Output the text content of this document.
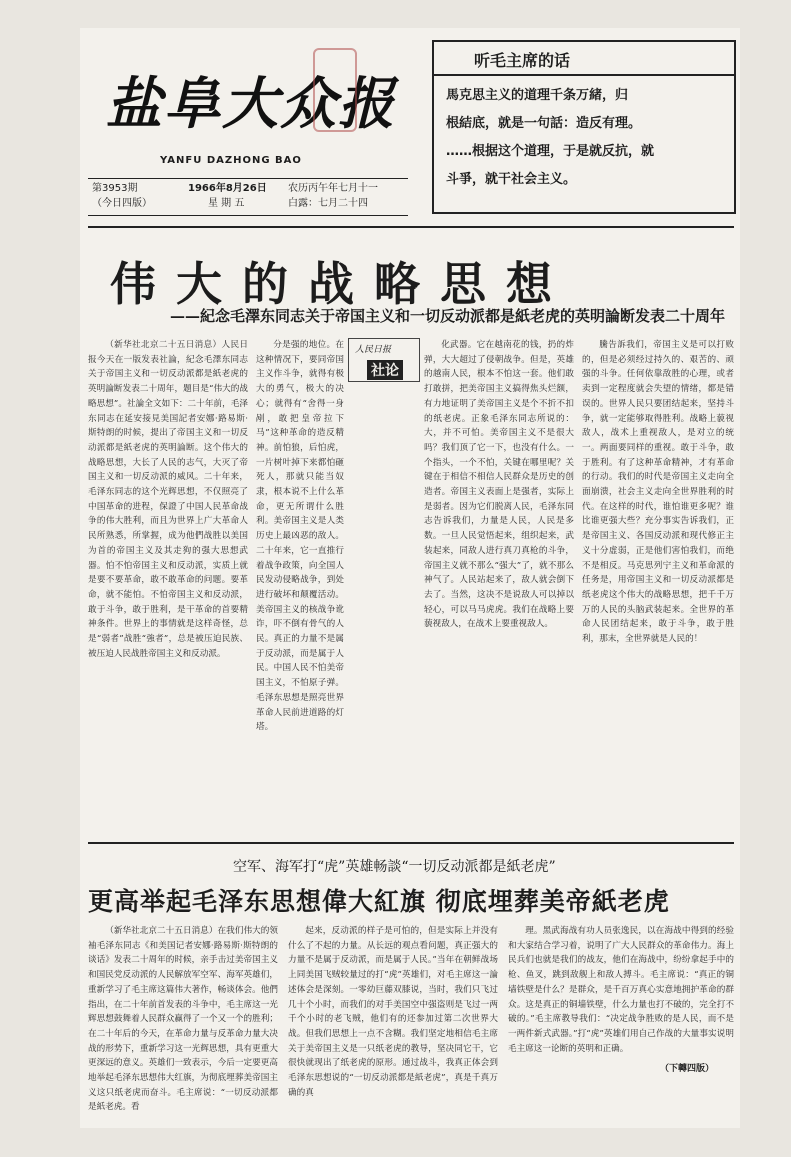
盐阜大众报
YANFU DAZHONG BAO
第3953期
（今日四版）
1966年8月26日
星 期 五
农历丙午年七月十一
白露：七月二十四
听毛主席的话
馬克思主义的道理千条万緒，归
根結底，就是一句話：造反有理。
……根据这个道理，于是就反抗，就
斗爭，就干社会主义。
伟大的战略思想
——紀念毛澤东同志关于帝国主义和一切反动派都是紙老虎的英明論断发表二十周年

（新华社北京二十五日消息）人民日报今天在一版发表社論，紀念毛澤东同志关于帝国主义和一切反动派都是紙老虎的英明論断发表二十周年，題目是“伟大的战略思想”。社論全文如下：二十年前，毛泽东同志在延安接見美国記者安娜·路易斯·斯特朗的时候，提出了帝国主义和一切反动派都是紙老虎的英明論断。这个伟大的战略思想，大长了人民的志气，大灭了帝国主义和一切反动派的威风。二十年来，毛泽东同志的这个光辉思想，不仅照亮了中国革命的进程，保證了中国人民革命战争的伟大胜利，而且为世界上广大革命人民所熟悉，所掌握，成为他們战胜以美国为首的帝国主义及其走狗的强大思想武器。怕不怕帝国主义和反动派，实质上就是要不要革命，敢不敢革命的问题。要革命，就不能怕。不怕帝国主义和反动派，敢于斗争，敢于胜利，是干革命的首要精神条件。世界上的事情就是这样奇怪，总是“弱者”战胜“強者”，总是被压迫民族、被压迫人民战胜帝国主义和反动派。

分是强的地位。在这种情况下，要同帝国主义作斗争，就得有极大的勇气，极大的决心；就得有“舍得一身剐，敢把皇帝拉下马”这种革命的造反精神。前怕狼，后怕虎，一片树叶掉下来都怕砸死人，那就只能当奴隶，根本说不上什么革命，更无所谓什么胜利。美帝国主义是人类历史上最凶恶的敌人。二十年来，它一直推行着战争政策，向全国人民发动侵略战争，到处进行破坏和颠覆活动。美帝国主义的核战争讹诈，吓不倒有骨气的人民。真正的力量不是属于反动派，而是属于人民。中国人民不怕美帝国主义，不怕原子弹。毛泽东思想是照亮世界革命人民前进道路的灯塔。

人民日报
社论

化武器。它在越南花的钱，扔的炸弹，大大超过了侵朝战争。但是，英雄的越南人民，根本不怕这一套。他们敢打敢拼，把美帝国主义搞得焦头烂额，有力地证明了美帝国主义是个不折不扣的纸老虎。正象毛泽东同志所说的：大，并不可怕。美帝国主义不是很大吗？我们顶了它一下，也没有什么。一个指头，一个不怕，关键在哪里呢？关键在于相信不相信人民群众是历史的创造者。帝国主义表面上是强者，实际上是弱者。因为它们脱离人民，毛泽东同志告诉我们，力量是人民，人民是多数。一旦人民觉悟起来，组织起来，武装起来，同敌人进行真刀真枪的斗争，帝国主义就不那么“强大”了，就不那么神气了。人民站起来了，敌人就会倒下去了。当然，这决不是说敌人可以掉以轻心，可以马马虎虎。我们在战略上要藐视敌人，在战术上要重视敌人。

騰告訴我们，帝国主义是可以打败的，但是必须经过持久的、艰苦的、顽强的斗争。任何依靠敌胜的心理，或者卖到一定程度就会失望的情绪，都是错误的。世界人民只要团结起来，坚持斗争，就一定能够取得胜利。战略上藐视敌人，战术上重视敌人，是对立的统一。两面要同样的重视。敢于斗争，敢于胜利。有了这种革命精神，才有革命的行动。我们的时代是帝国主义走向全面崩溃，社会主义走向全世界胜利的时代。在这样的时代，谁怕谁更多呢？谁比谁更强大些？充分事实告诉我们，正是帝国主义、各国反动派和现代修正主义十分虚弱，正是他们害怕我们，而绝不是相反。马克思列宁主义和革命派的任务是，用帝国主义和一切反动派都是纸老虎这个伟大的战略思想，把千千万万的人民的头脑武装起来。全世界的革命人民团结起来，敢于斗争，敢于胜利，那末，全世界就是人民的！

空军、海军打“虎”英雄畅談“一切反动派都是紙老虎”
更高举起毛泽东思想偉大紅旗 彻底埋葬美帝紙老虎

（新华社北京二十五日消息）在我们伟大的领袖毛泽东同志《和美国记者安娜·路易斯·斯特朗的谈话》发表二十周年的时候，亲手击过美帝国主义和国民党反动派的人民解放军空军、海军英雄们，重新学习了毛主席这篇伟大著作，畅谈体会。他們指出，在二十年前首发表的斗争中，毛主席这一光辉思想鼓舞着人民群众赢得了一个又一个的胜利；在二十年后的今天，在革命力量与反革命力量大决战的形势下，重新学习这一光辉思想，具有更重大更深远的意义。英雄们一致表示，今后一定要更高地举起毛泽东思想伟大红旗，为彻底埋葬美帝国主义这只纸老虎而奋斗。毛主席说：“一切反动派都是紙老虎。看

起来，反动派的样子是可怕的，但是实际上并没有什么了不起的力量。从长远的观点看问题，真正强大的力量不是属于反动派，而是属于人民。”当年在朝鲜战场上同美国飞贼较量过的打“虎”英雄们，对毛主席这一論述体会是深刻。一零幼巨藤双膝说，当时，我们只飞过几十个小时，而我们的对手美国空中强盗则是飞过一两千个小时的老飞贼，他们有的还参加过第二次世界大战。但我们思想上一点不含糊。我们坚定地相信毛主席关于美帝国主义是一只纸老虎的教导，坚决同它干，它很快就现出了纸老虎的原形。通过战斗，我真正体会到毛泽东思想说的“一切反动派都是紙老虎”，真是千真万确的真

理。黑武海战有功人员张逸民，以在海战中得到的经验和大家结合学习着，说明了广大人民群众的革命伟力。海上民兵们也就是我们的战友，他们在海战中，纷纷拿起手中的枪、鱼叉，跳到敌舰上和敌人搏斗。毛主席说：“真正的铜墙铁壁是什么？是群众，是千百万真心实意地拥护革命的群众。这是真正的铜墙铁壁，什么力量也打不破的，完全打不破的。”毛主席教导我们：“决定战争胜败的是人民，而不是一两件新式武器。”打“虎”英雄们用自己作战的大量事实说明毛主席这一论断的英明和正确。

（下轉四版）
